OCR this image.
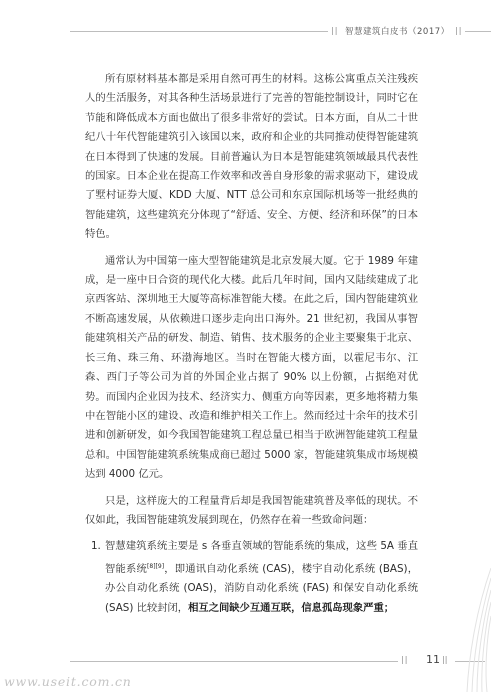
|| 智慧建筑白皮书（2017） ||

所有原材料基本都是采用自然可再生的材料。这栋公寓重点关注残疾人的生活服务，对其各种生活场景进行了完善的智能控制设计，同时它在节能和降低成本方面也做出了很多非常好的尝试。日本方面，自从二十世纪八十年代智能建筑引入该国以来，政府和企业的共同推动使得智能建筑在日本得到了快速的发展。目前普遍认为日本是智能建筑领域最具代表性的国家。日本企业在提高工作效率和改善自身形象的需求驱动下，建设成了墅村证券大厦、KDD 大厦、NTT 总公司和东京国际机场等一批经典的智能建筑，这些建筑充分体现了“舒适、安全、方便、经济和环保”的日本特色。

通常认为中国第一座大型智能建筑是北京发展大厦。它于 1989 年建成，是一座中日合资的现代化大楼。此后几年时间，国内又陆续建成了北京西客站、深圳地王大厦等高标准智能大楼。在此之后，国内智能建筑业不断高速发展，从依赖进口逐步走向出口海外。21 世纪初，我国从事智能建筑相关产品的研发、制造、销售、技术服务的企业主要聚集于北京、长三角、珠三角、环渤海地区。当时在智能大楼方面，以霍尼韦尔、江森、西门子等公司为首的外国企业占据了 90% 以上份额，占据绝对优势。而国内企业因为技术、经济实力、侧重方向等因素，更多地将精力集中在智能小区的建设、改造和维护相关工作上。然而经过十余年的技术引进和创新研发，如今我国智能建筑工程总量已相当于欧洲智能建筑工程量总和。中国智能建筑系统集成商已超过 5000 家，智能建筑集成市场规模达到 4000 亿元。

只是，这样庞大的工程量背后却是我国智能建筑普及率低的现状。不仅如此，我国智能建筑发展到现在，仍然存在着一些致命问题：

1. 智慧建筑系统主要是 s 各垂直领域的智能系统的集成，这些 5A 垂直智能系统[8][9]，即通讯自动化系统 (CAS)，楼宇自动化系统 (BAS)，办公自动化系统 (OAS)，消防自动化系统 (FAS) 和保安自动化系统 (SAS) 比较封闭，相互之间缺少互通互联，信息孤岛现象严重；

|| 11 ||
www.useit.com.cn
